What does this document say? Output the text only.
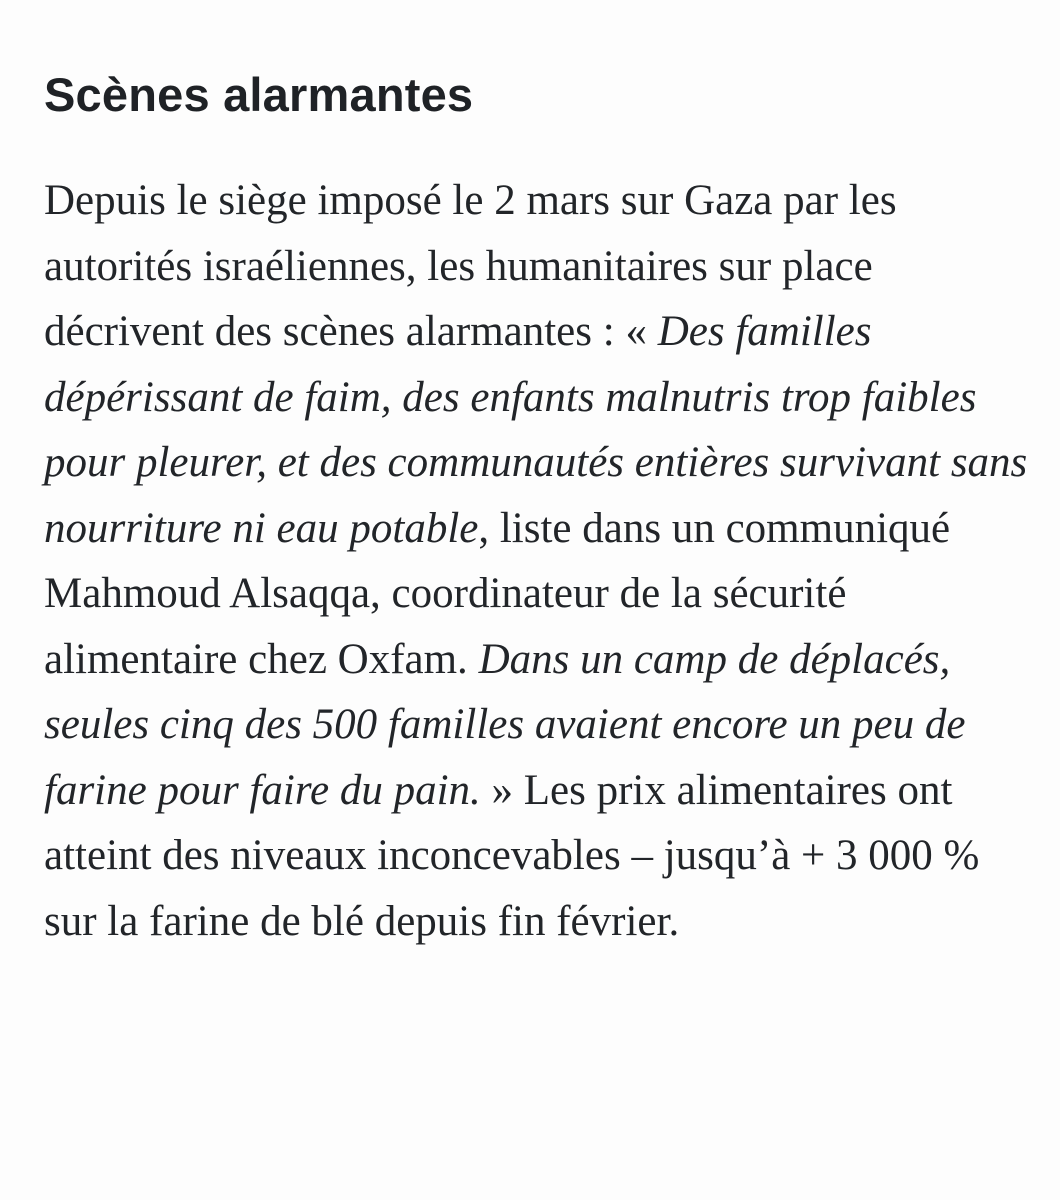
Scènes alarmantes

Depuis le siège imposé le 2 mars sur Gaza par les autorités israéliennes, les humanitaires sur place décrivent des scènes alarmantes : « Des familles dépérissant de faim, des enfants malnutris trop faibles pour pleurer, et des communautés entières survivant sans nourriture ni eau potable, liste dans un communiqué Mahmoud Alsaqqa, coordinateur de la sécurité alimentaire chez Oxfam. Dans un camp de déplacés, seules cinq des 500 familles avaient encore un peu de farine pour faire du pain. » Les prix alimentaires ont atteint des niveaux inconcevables – jusqu’à + 3 000 % sur la farine de blé depuis fin février.
